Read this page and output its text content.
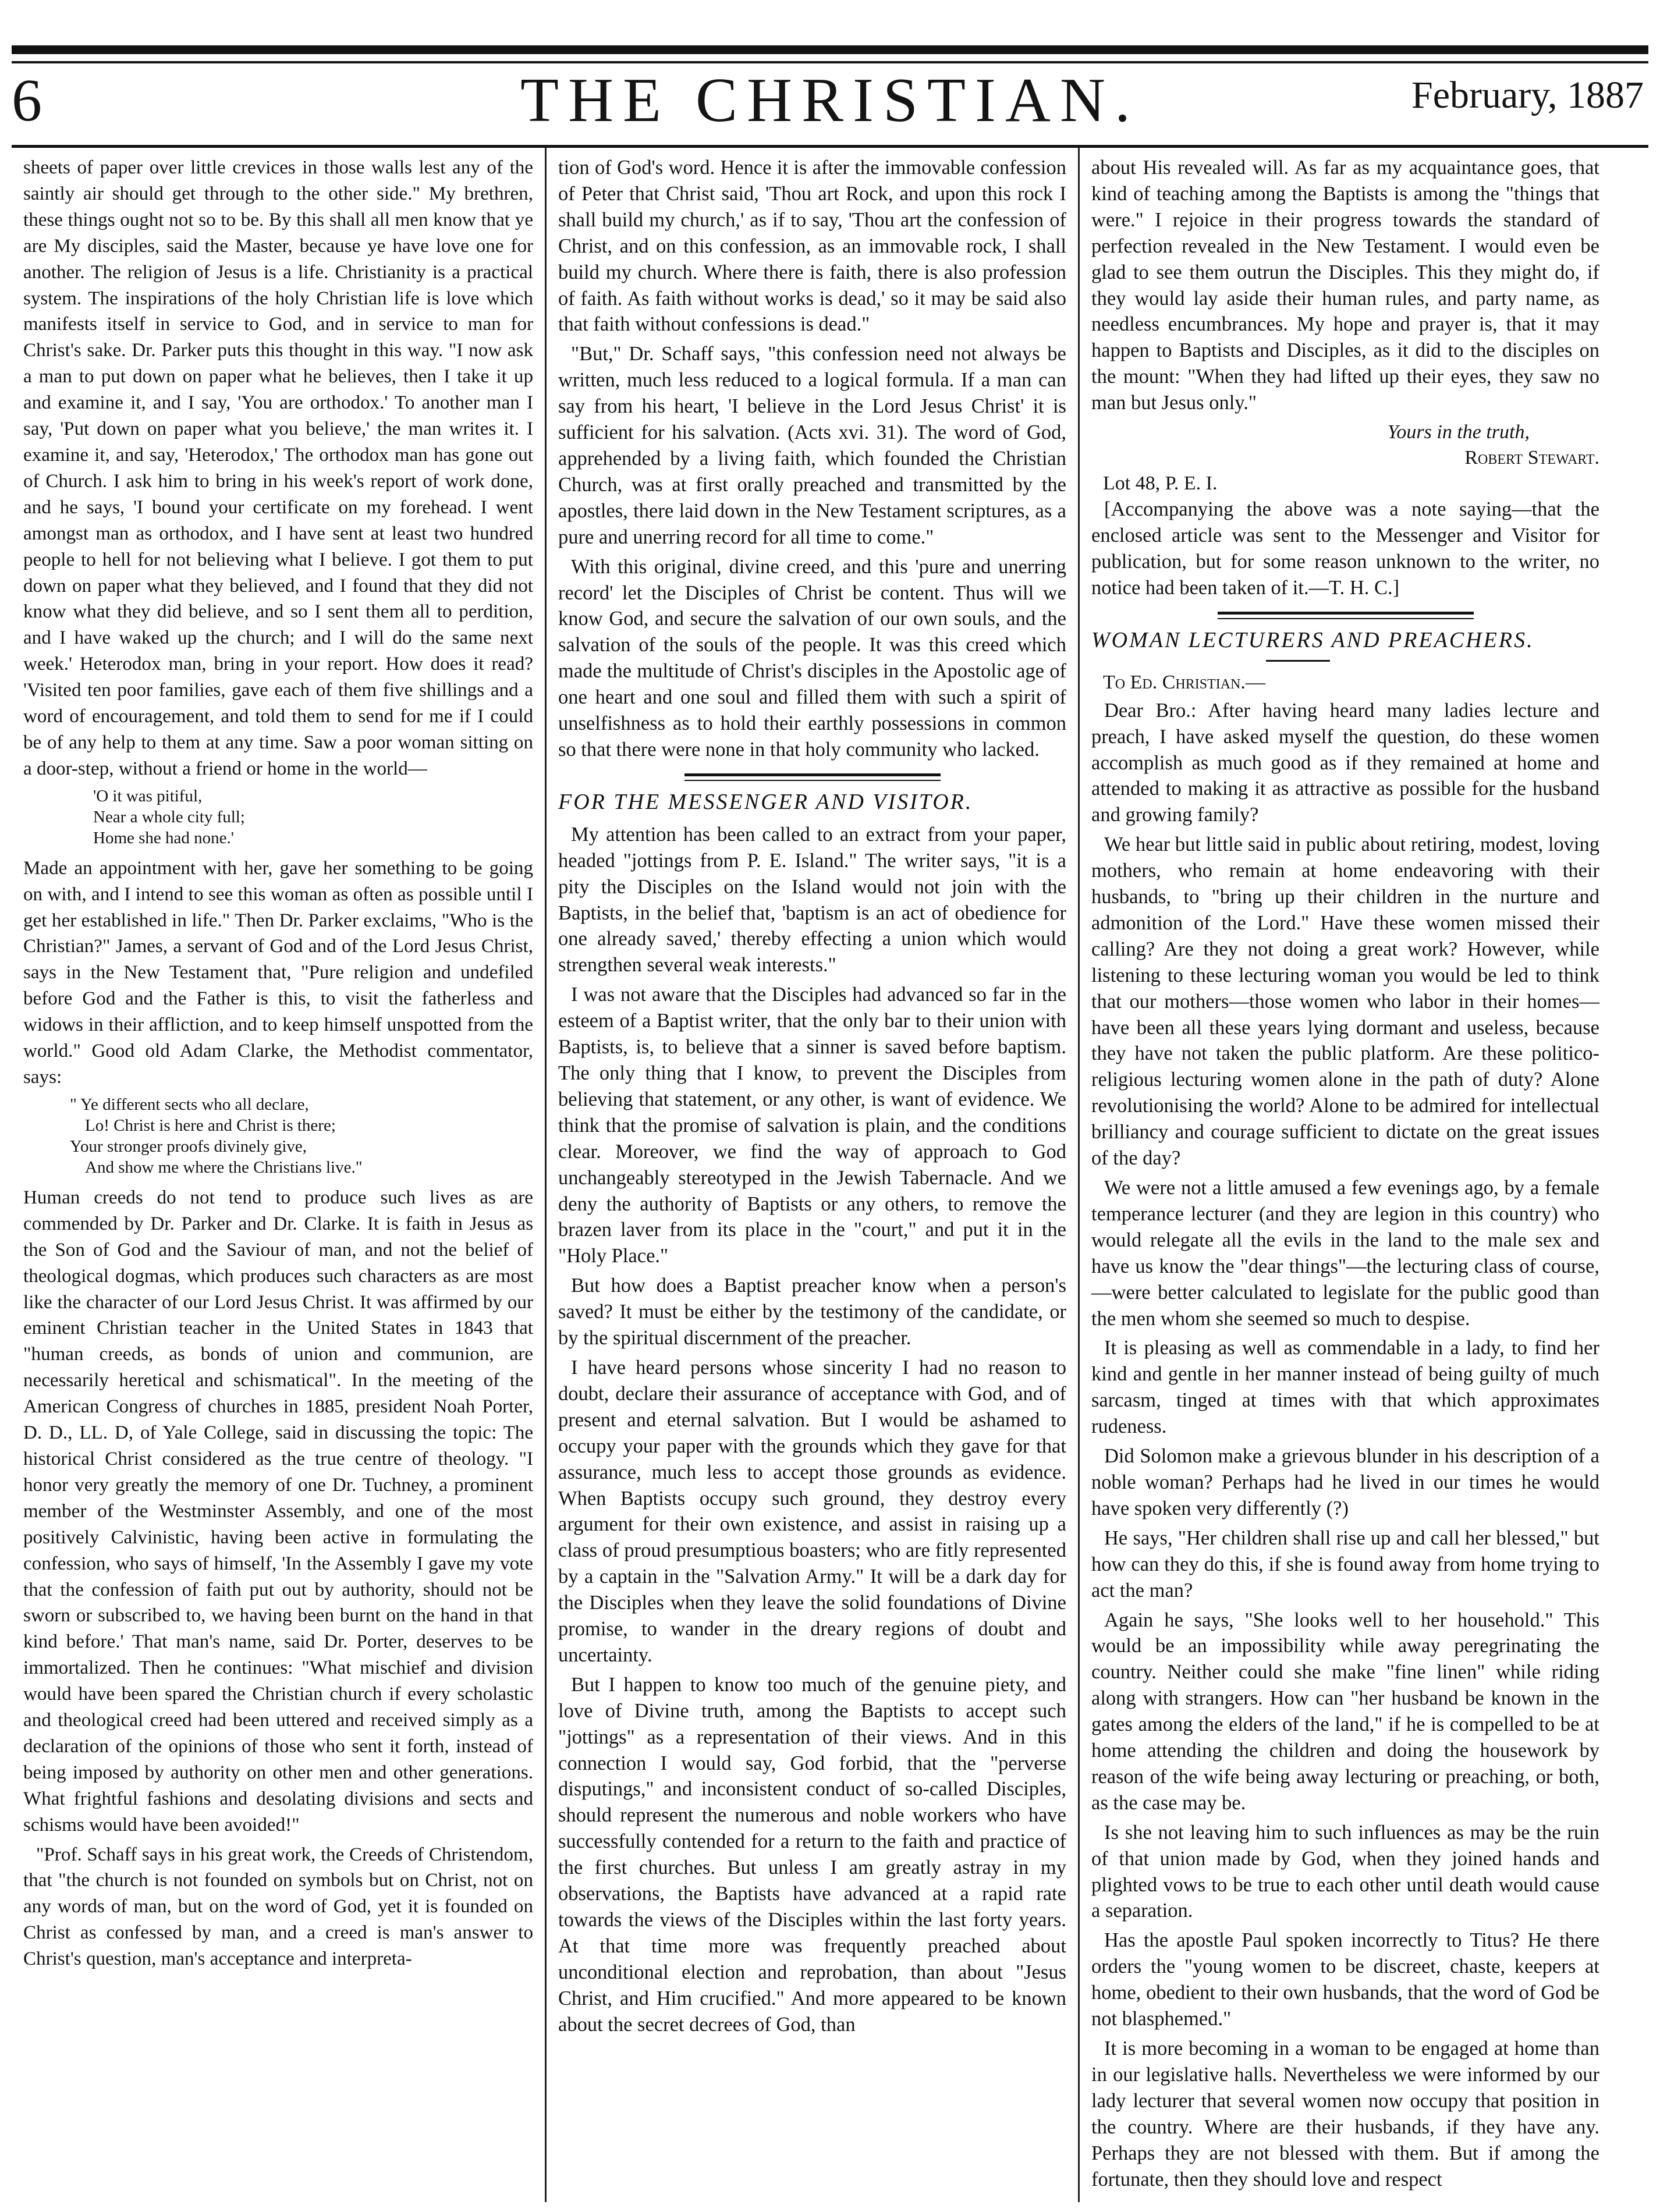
6	THE CHRISTIAN.	February, 1887

sheets of paper over little crevices in those walls lest any of the saintly air should get through to the other side." My brethren, these things ought not so to be. By this shall all men know that ye are My disciples, said the Master, because ye have love one for another. The religion of Jesus is a life. Christianity is a practical system. The inspirations of the holy Christian life is love which manifests itself in service to God, and in service to man for Christ's sake. Dr. Parker puts this thought in this way. "I now ask a man to put down on paper what he believes, then I take it up and examine it, and I say, 'You are orthodox.' To another man I say, 'Put down on paper what you believe,' the man writes it. I examine it, and say, 'Heterodox,' The orthodox man has gone out of Church. I ask him to bring in his week's report of work done, and he says, 'I bound your certificate on my forehead. I went amongst man as orthodox, and I have sent at least two hundred people to hell for not believing what I believe. I got them to put down on paper what they believed, and I found that they did not know what they did believe, and so I sent them all to perdition, and I have waked up the church; and I will do the same next week.' Heterodox man, bring in your report. How does it read? 'Visited ten poor families, gave each of them five shillings and a word of encouragement, and told them to send for me if I could be of any help to them at any time. Saw a poor woman sitting on a door-step, without a friend or home in the world—

'O it was pitiful,
Near a whole city full;
Home she had none.'

Made an appointment with her, gave her something to be going on with, and I intend to see this woman as often as possible until I get her established in life." Then Dr. Parker exclaims, "Who is the Christian?" James, a servant of God and of the Lord Jesus Christ, says in the New Testament that, "Pure religion and undefiled before God and the Father is this, to visit the fatherless and widows in their affliction, and to keep himself unspotted from the world." Good old Adam Clarke, the Methodist commentator, says:

" Ye different sects who all declare,
Lo! Christ is here and Christ is there;
Your stronger proofs divinely give,
And show me where the Christians live."

Human creeds do not tend to produce such lives as are commended by Dr. Parker and Dr. Clarke. It is faith in Jesus as the Son of God and the Saviour of man, and not the belief of theological dogmas, which produces such characters as are most like the character of our Lord Jesus Christ. It was affirmed by our eminent Christian teacher in the United States in 1843 that "human creeds, as bonds of union and communion, are necessarily heretical and schismatical". In the meeting of the American Congress of churches in 1885, president Noah Porter, D. D., LL. D, of Yale College, said in discussing the topic: The historical Christ considered as the true centre of theology. "I honor very greatly the memory of one Dr. Tuchney, a prominent member of the Westminster Assembly, and one of the most positively Calvinistic, having been active in formulating the confession, who says of himself, 'In the Assembly I gave my vote that the confession of faith put out by authority, should not be sworn or subscribed to, we having been burnt on the hand in that kind before.' That man's name, said Dr. Porter, deserves to be immortalized. Then he continues: "What mischief and division would have been spared the Christian church if every scholastic and theological creed had been uttered and received simply as a declaration of the opinions of those who sent it forth, instead of being imposed by authority on other men and other generations. What frightful fashions and desolating divisions and sects and schisms would have been avoided!"

"Prof. Schaff says in his great work, the Creeds of Christendom, that "the church is not founded on symbols but on Christ, not on any words of man, but on the word of God, yet it is founded on Christ as confessed by man, and a creed is man's answer to Christ's question, man's acceptance and interpreta-

tion of God's word. Hence it is after the immovable confession of Peter that Christ said, 'Thou art Rock, and upon this rock I shall build my church,' as if to say, 'Thou art the confession of Christ, and on this confession, as an immovable rock, I shall build my church. Where there is faith, there is also profession of faith. As faith without works is dead,' so it may be said also that faith without confessions is dead."

"But," Dr. Schaff says, "this confession need not always be written, much less reduced to a logical formula. If a man can say from his heart, 'I believe in the Lord Jesus Christ' it is sufficient for his salvation. (Acts xvi. 31). The word of God, apprehended by a living faith, which founded the Christian Church, was at first orally preached and transmitted by the apostles, there laid down in the New Testament scriptures, as a pure and unerring record for all time to come."

With this original, divine creed, and this 'pure and unerring record' let the Disciples of Christ be content. Thus will we know God, and secure the salvation of our own souls, and the salvation of the souls of the people. It was this creed which made the multitude of Christ's disciples in the Apostolic age of one heart and one soul and filled them with such a spirit of unselfishness as to hold their earthly possessions in common so that there were none in that holy community who lacked.

FOR THE MESSENGER AND VISITOR.

My attention has been called to an extract from your paper, headed "jottings from P. E. Island." The writer says, "it is a pity the Disciples on the Island would not join with the Baptists, in the belief that, 'baptism is an act of obedience for one already saved,' thereby effecting a union which would strengthen several weak interests."

I was not aware that the Disciples had advanced so far in the esteem of a Baptist writer, that the only bar to their union with Baptists, is, to believe that a sinner is saved before baptism. The only thing that I know, to prevent the Disciples from believing that statement, or any other, is want of evidence. We think that the promise of salvation is plain, and the conditions clear. Moreover, we find the way of approach to God unchangeably stereotyped in the Jewish Tabernacle. And we deny the authority of Baptists or any others, to remove the brazen laver from its place in the "court," and put it in the "Holy Place."

But how does a Baptist preacher know when a person's saved? It must be either by the testimony of the candidate, or by the spiritual discernment of the preacher.

I have heard persons whose sincerity I had no reason to doubt, declare their assurance of acceptance with God, and of present and eternal salvation. But I would be ashamed to occupy your paper with the grounds which they gave for that assurance, much less to accept those grounds as evidence. When Baptists occupy such ground, they destroy every argument for their own existence, and assist in raising up a class of proud presumptious boasters; who are fitly represented by a captain in the "Salvation Army." It will be a dark day for the Disciples when they leave the solid foundations of Divine promise, to wander in the dreary regions of doubt and uncertainty.

But I happen to know too much of the genuine piety, and love of Divine truth, among the Baptists to accept such "jottings" as a representation of their views. And in this connection I would say, God forbid, that the "perverse disputings," and inconsistent conduct of so-called Disciples, should represent the numerous and noble workers who have successfully contended for a return to the faith and practice of the first churches. But unless I am greatly astray in my observations, the Baptists have advanced at a rapid rate towards the views of the Disciples within the last forty years. At that time more was frequently preached about unconditional election and reprobation, than about "Jesus Christ, and Him crucified." And more appeared to be known about the secret decrees of God, than

about His revealed will. As far as my acquaintance goes, that kind of teaching among the Baptists is among the "things that were." I rejoice in their progress towards the standard of perfection revealed in the New Testament. I would even be glad to see them outrun the Disciples. This they might do, if they would lay aside their human rules, and party name, as needless encumbrances. My hope and prayer is, that it may happen to Baptists and Disciples, as it did to the disciples on the mount: "When they had lifted up their eyes, they saw no man but Jesus only."

Yours in the truth,
Robert Stewart.
Lot 48, P. E. I.

[Accompanying the above was a note saying—that the enclosed article was sent to the Messenger and Visitor for publication, but for some reason unknown to the writer, no notice had been taken of it.—T. H. C.]

WOMAN LECTURERS AND PREACHERS.
To Ed. Christian.—

Dear Bro.: After having heard many ladies lecture and preach, I have asked myself the question, do these women accomplish as much good as if they remained at home and attended to making it as attractive as possible for the husband and growing family?

We hear but little said in public about retiring, modest, loving mothers, who remain at home endeavoring with their husbands, to "bring up their children in the nurture and admonition of the Lord." Have these women missed their calling? Are they not doing a great work? However, while listening to these lecturing woman you would be led to think that our mothers—those women who labor in their homes—have been all these years lying dormant and useless, because they have not taken the public platform. Are these politico-religious lecturing women alone in the path of duty? Alone revolutionising the world? Alone to be admired for intellectual brilliancy and courage sufficient to dictate on the great issues of the day?

We were not a little amused a few evenings ago, by a female temperance lecturer (and they are legion in this country) who would relegate all the evils in the land to the male sex and have us know the "dear things"—the lecturing class of course,—were better calculated to legislate for the public good than the men whom she seemed so much to despise.

It is pleasing as well as commendable in a lady, to find her kind and gentle in her manner instead of being guilty of much sarcasm, tinged at times with that which approximates rudeness.

Did Solomon make a grievous blunder in his description of a noble woman? Perhaps had he lived in our times he would have spoken very differently (?)

He says, "Her children shall rise up and call her blessed," but how can they do this, if she is found away from home trying to act the man?

Again he says, "She looks well to her household." This would be an impossibility while away peregrinating the country. Neither could she make "fine linen" while riding along with strangers. How can "her husband be known in the gates among the elders of the land," if he is compelled to be at home attending the children and doing the housework by reason of the wife being away lecturing or preaching, or both, as the case may be.

Is she not leaving him to such influences as may be the ruin of that union made by God, when they joined hands and plighted vows to be true to each other until death would cause a separation.

Has the apostle Paul spoken incorrectly to Titus? He there orders the "young women to be discreet, chaste, keepers at home, obedient to their own husbands, that the word of God be not blasphemed."

It is more becoming in a woman to be engaged at home than in our legislative halls. Nevertheless we were informed by our lady lecturer that several women now occupy that position in the country. Where are their husbands, if they have any. Perhaps they are not blessed with them. But if among the fortunate, then they should love and respect
